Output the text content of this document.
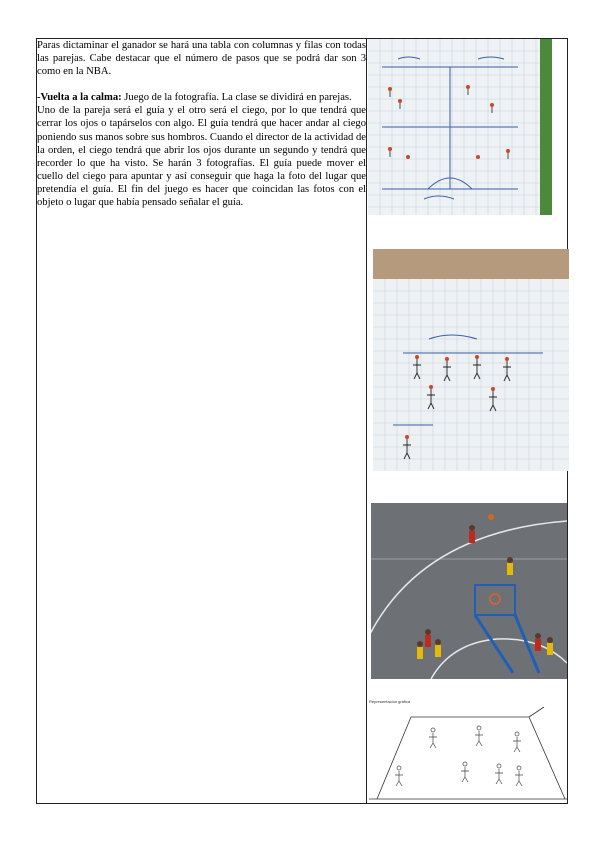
Paras dictaminar el ganador se hará una tabla con columnas y filas con todas las parejas. Cabe destacar que el número de pasos que se podrá dar son 3 como en la NBA.

-Vuelta a la calma: Juego de la fotografía. La clase se dividirá en parejas.

Uno de la pareja será el guía y el otro será el ciego, por lo que tendrá que cerrar los ojos o tapárselos con algo. El guía tendrá que hacer andar al ciego poniendo sus manos sobre sus hombros. Cuando el director de la actividad de la orden, el ciego tendrá que abrir los ojos durante un segundo y tendrá que recorder lo que ha visto. Se harán 3 fotografías. El guía puede mover el cuello del ciego para apuntar y así conseguir que haga la foto del lugar que pretendía el guía. El fin del juego es hacer que coincidan las fotos con el objeto o lugar que había pensado señalar el guía.

Representación gráfica
